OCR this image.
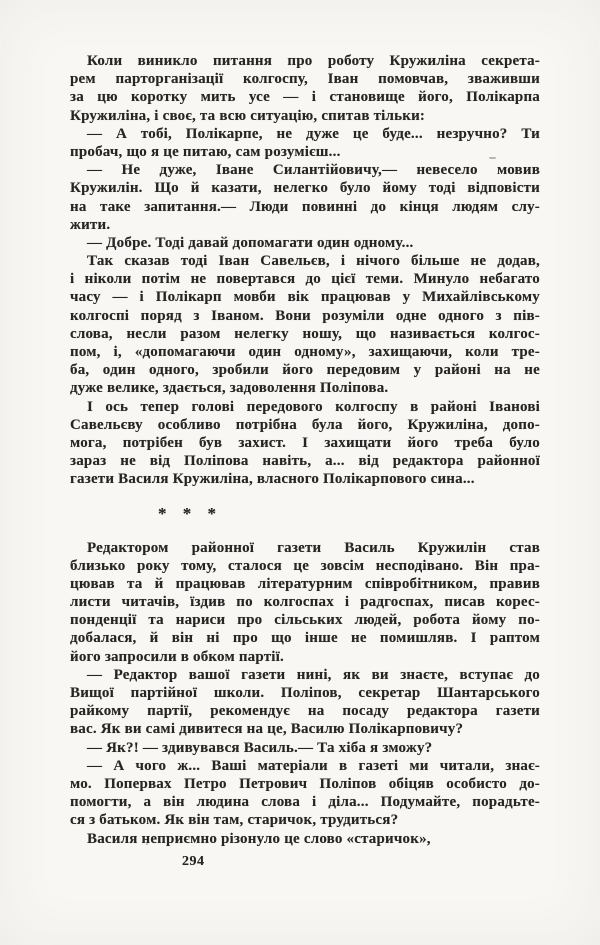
Коли виникло питання про роботу Кружиліна секрета-
рем парторганізації колгоспу, Іван помовчав, зваживши
за цю коротку мить усе — і становище його, Полікарпа
Кружиліна, і своє, та всю ситуацію, спитав тільки:
— А тобі, Полікарпе, не дуже це буде... незручно? Ти
пробач, що я це питаю, сам розумієш...
— Не дуже, Іване Силантійовичу,— невесело мовив
Кружилін. Що й казати, нелегко було йому тоді відповісти
на таке запитання.— Люди повинні до кінця людям слу-
жити.
— Добре. Тоді давай допомагати один одному...
Так сказав тоді Іван Савельєв, і нічого більше не додав,
і ніколи потім не повертався до цієї теми. Минуло небагато
часу — і Полікарп мовби вік працював у Михайлівському
колгоспі поряд з Іваном. Вони розуміли одне одного з пів-
слова, несли разом нелегку ношу, що називається колгос-
пом, і, «допомагаючи один одному», захищаючи, коли тре-
ба, один одного, зробили його передовим у районі на не
дуже велике, здається, задоволення Поліпова.
І ось тепер голові передового колгоспу в районі Іванові
Савельєву особливо потрібна була його, Кружиліна, допо-
мога, потрібен був захист. І захищати його треба було
зараз не від Поліпова навіть, а... від редактора районної
газети Василя Кружиліна, власного Полікарпового сина...
* * *
Редактором районної газети Василь Кружилін став
близько року тому, сталося це зовсім несподівано. Він пра-
цював та й працював літературним співробітником, правив
листи читачів, їздив по колгоспах і радгоспах, писав корес-
понденції та нариси про сільських людей, робота йому по-
добалася, й він ні про що інше не помишляв. І раптом
його запросили в обком партії.
— Редактор вашої газети нині, як ви знаєте, вступає до
Вищої партійної школи. Поліпов, секретар Шантарського
райкому партії, рекомендує на посаду редактора газети
вас. Як ви самі дивитеся на це, Василю Полікарповичу?
— Як?! — здивувався Василь.— Та хіба я зможу?
— А чого ж... Ваші матеріали в газеті ми читали, знає-
мо. Попервах Петро Петрович Поліпов обіцяв особисто до-
помогти, а він людина слова і діла... Подумайте, порадьте-
ся з батьком. Як він там, старичок, трудиться?
Василя неприємно різонуло це слово «старичок»,
294
